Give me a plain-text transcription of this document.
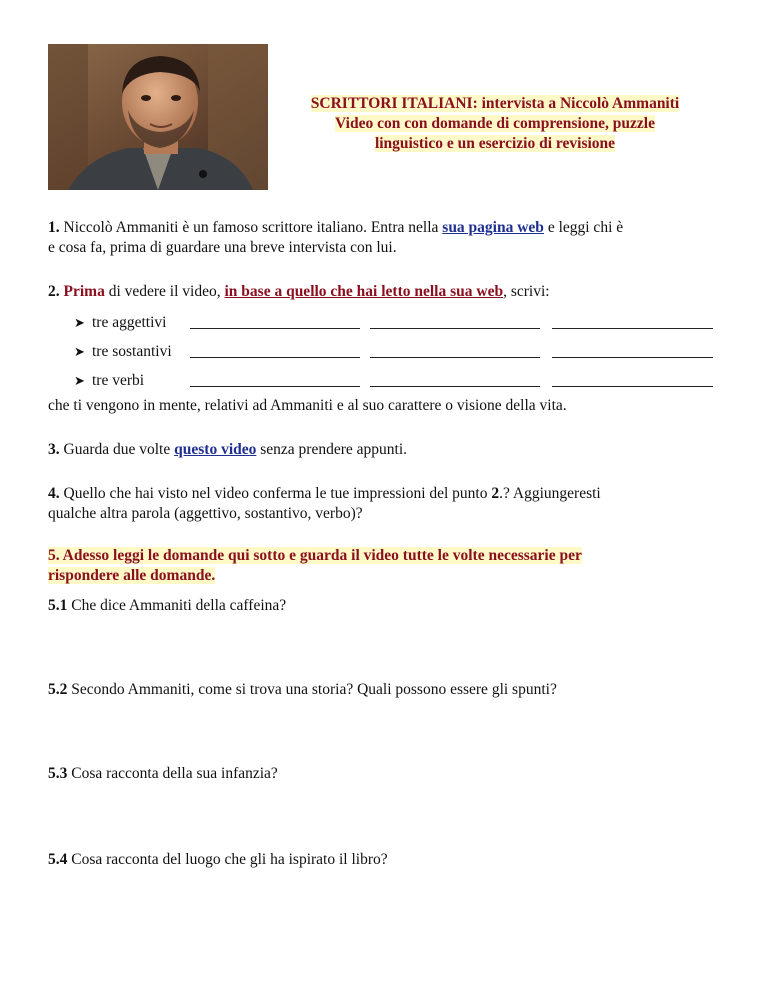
SCRITTORI ITALIANI: intervista a Niccolò Ammaniti
Video con con domande di comprensione, puzzle
linguistico e un esercizio di revisione
1. Niccolò Ammaniti è un famoso scrittore italiano. Entra nella sua pagina web e leggi chi è
e cosa fa, prima di guardare una breve intervista con lui.
2. Prima di vedere il video, in base a quello che hai letto nella sua web, scrivi:
➤ tre aggettivi
➤ tre sostantivi
➤ tre verbi
che ti vengono in mente, relativi ad Ammaniti e al suo carattere o visione della vita.
3. Guarda due volte questo video senza prendere appunti.
4. Quello che hai visto nel video conferma le tue impressioni del punto 2.? Aggiungeresti
qualche altra parola (aggettivo, sostantivo, verbo)?
5. Adesso leggi le domande qui sotto e guarda il video tutte le volte necessarie per
rispondere alle domande.
5.1 Che dice Ammaniti della caffeina?
5.2 Secondo Ammaniti, come si trova una storia? Quali possono essere gli spunti?
5.3 Cosa racconta della sua infanzia?
5.4 Cosa racconta del luogo che gli ha ispirato il libro?
